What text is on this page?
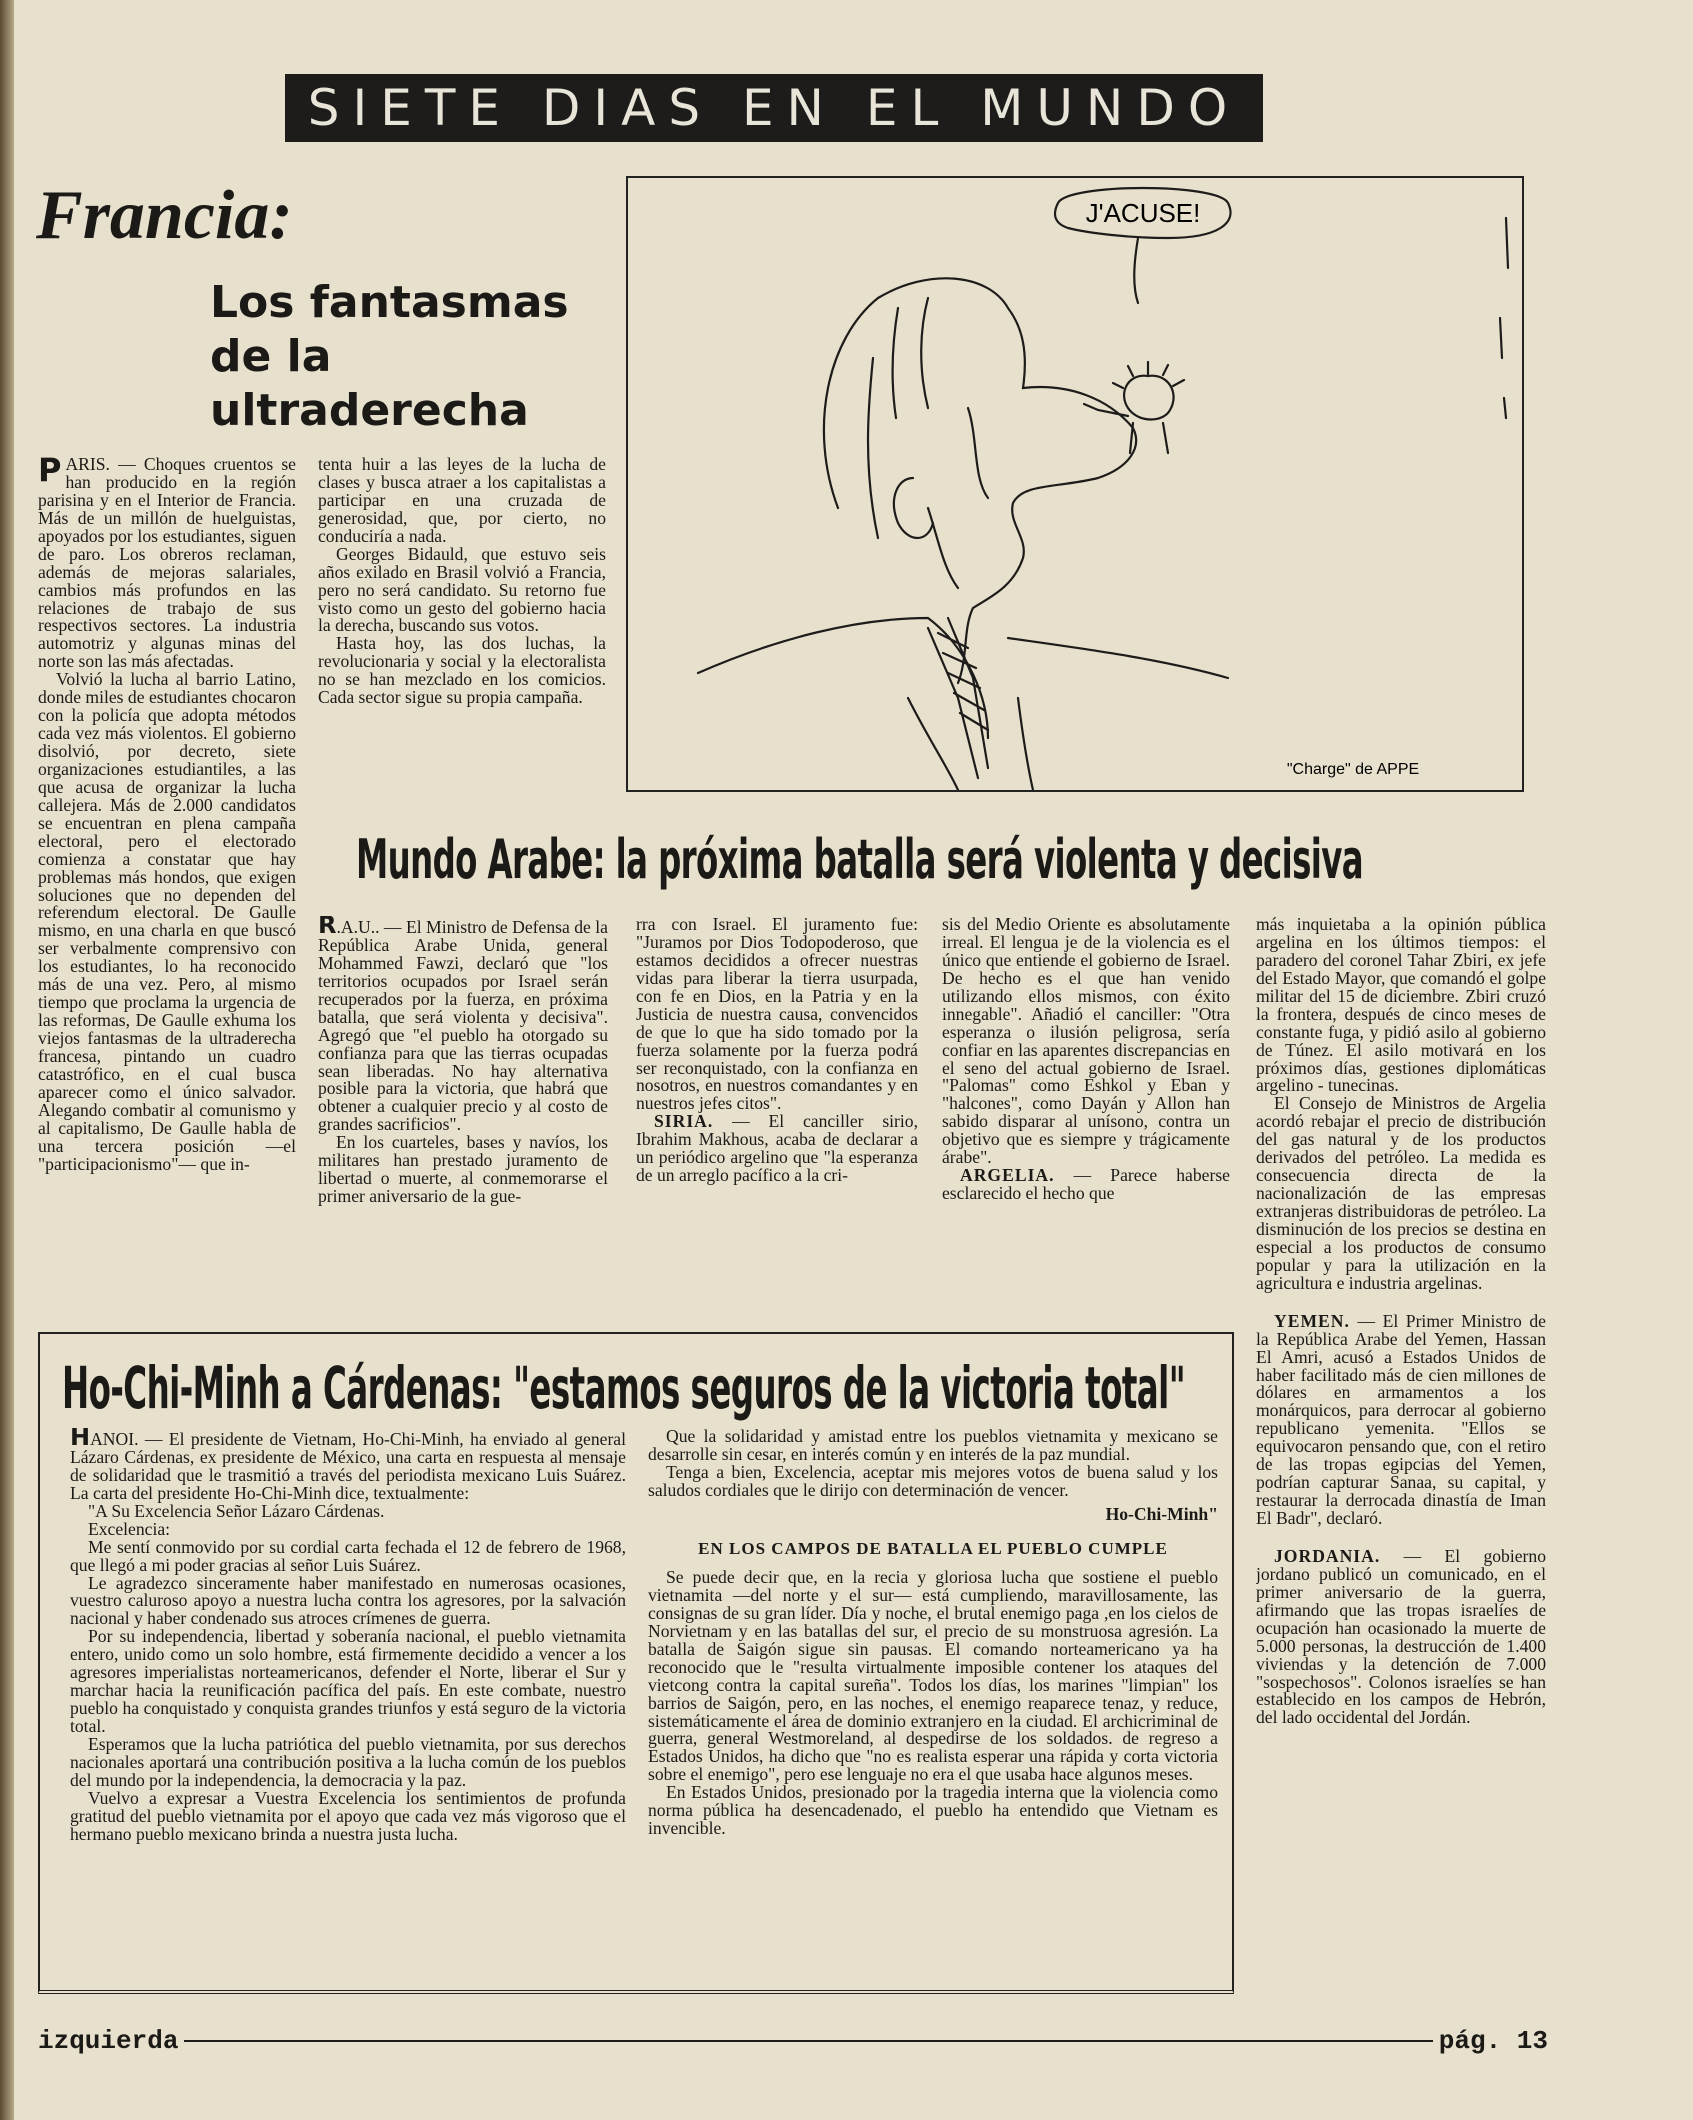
SIETE DIAS EN EL MUNDO
Francia:
Los fantasmas
de la
ultraderecha

PARIS. — Choques cruentos se han producido en la región parisina y en el Interior de Francia. Más de un millón de huelguistas, apoyados por los estudiantes, siguen de paro. Los obreros reclaman, además de mejoras salariales, cambios más profundos en las relaciones de trabajo de sus respectivos sectores. La industria automotriz y algunas minas del norte son las más afectadas.

Volvió la lucha al barrio Latino, donde miles de estudiantes chocaron con la policía que adopta métodos cada vez más violentos. El gobierno disolvió, por decreto, siete organizaciones estudiantiles, a las que acusa de organizar la lucha callejera. Más de 2.000 candidatos se encuentran en plena campaña electoral, pero el electorado comienza a constatar que hay problemas más hondos, que exigen soluciones que no dependen del referendum electoral. De Gaulle mismo, en una charla en que buscó ser verbalmente comprensivo con los estudiantes, lo ha reconocido más de una vez. Pero, al mismo tiempo que proclama la urgencia de las reformas, De Gaulle exhuma los viejos fantasmas de la ultraderecha francesa, pintando un cuadro catastrófico, en el cual busca aparecer como el único salvador. Alegando combatir al comunismo y al capitalismo, De Gaulle habla de una tercera posición —el "participacionismo"— que in-

tenta huir a las leyes de la lucha de clases y busca atraer a los capitalistas a participar en una cruzada de generosidad, que, por cierto, no conduciría a nada.

Georges Bidauld, que estuvo seis años exilado en Brasil volvió a Francia, pero no será candidato. Su retorno fue visto como un gesto del gobierno hacia la derecha, buscando sus votos.

Hasta hoy, las dos luchas, la revolucionaria y social y la electoralista no se han mezclado en los comicios. Cada sector sigue su propia campaña.

J'ACUSE!
"Charge" de APPE
Mundo Arabe: la próxima batalla será violenta y decisiva

R.A.U.. — El Ministro de Defensa de la República Arabe Unida, general Mohammed Fawzi, declaró que "los territorios ocupados por Israel serán recuperados por la fuerza, en próxima batalla, que será violenta y decisiva". Agregó que "el pueblo ha otorgado su confianza para que las tierras ocupadas sean liberadas. No hay alternativa posible para la victoria, que habrá que obtener a cualquier precio y al costo de grandes sacrificios".

En los cuarteles, bases y navíos, los militares han prestado juramento de libertad o muerte, al conmemorarse el primer aniversario de la gue-

rra con Israel. El juramento fue: "Juramos por Dios Todopoderoso, que estamos decididos a ofrecer nuestras vidas para liberar la tierra usurpada, con fe en Dios, en la Patria y en la Justicia de nuestra causa, convencidos de que lo que ha sido tomado por la fuerza solamente por la fuerza podrá ser reconquistado, con la confianza en nosotros, en nuestros comandantes y en nuestros jefes citos".

SIRIA. — El canciller sirio, Ibrahim Makhous, acaba de declarar a un periódico argelino que "la esperanza de un arreglo pacífico a la cri-

sis del Medio Oriente es absolutamente irreal. El lengua je de la violencia es el único que entiende el gobierno de Israel. De hecho es el que han venido utilizando ellos mismos, con éxito innegable". Añadió el canciller: "Otra esperanza o ilusión peligrosa, sería confiar en las aparentes discrepancias en el seno del actual gobierno de Israel. "Palomas" como Eshkol y Eban y "halcones", como Dayán y Allon han sabido disparar al unísono, contra un objetivo que es siempre y trágicamente árabe".

ARGELIA. — Parece haberse esclarecido el hecho que

más inquietaba a la opinión pública argelina en los últimos tiempos: el paradero del coronel Tahar Zbiri, ex jefe del Estado Mayor, que comandó el golpe militar del 15 de diciembre. Zbiri cruzó la frontera, después de cinco meses de constante fuga, y pidió asilo al gobierno de Túnez. El asilo motivará en los próximos días, gestiones diplomáticas argelino - tunecinas.

El Consejo de Ministros de Argelia acordó rebajar el precio de distribución del gas natural y de los productos derivados del petróleo. La medida es consecuencia directa de la nacionalización de las empresas extranjeras distribuidoras de petróleo. La disminución de los precios se destina en especial a los productos de consumo popular y para la utilización en la agricultura e industria argelinas.

YEMEN. — El Primer Ministro de la República Arabe del Yemen, Hassan El Amri, acusó a Estados Unidos de haber facilitado más de cien millones de dólares en armamentos a los monárquicos, para derrocar al gobierno republicano yemenita. "Ellos se equivocaron pensando que, con el retiro de las tropas egipcias del Yemen, podrían capturar Sanaa, su capital, y restaurar la derrocada dinastía de Iman El Badr", declaró.

JORDANIA. — El gobierno jordano publicó un comunicado, en el primer aniversario de la guerra, afirmando que las tropas israelíes de ocupación han ocasionado la muerte de 5.000 personas, la destrucción de 1.400 viviendas y la detención de 7.000 "sospechosos". Colonos israelíes se han establecido en los campos de Hebrón, del lado occidental del Jordán.

Ho-Chi-Minh a Cárdenas: "estamos seguros de la victoria total"

HANOI. — El presidente de Vietnam, Ho-Chi-Minh, ha enviado al general Lázaro Cárdenas, ex presidente de México, una carta en respuesta al mensaje de solidaridad que le trasmitió a través del periodista mexicano Luis Suárez. La carta del presidente Ho-Chi-Minh dice, textualmente:

"A Su Excelencia Señor Lázaro Cárdenas.

Excelencia:

Me sentí conmovido por su cordial carta fechada el 12 de febrero de 1968, que llegó a mi poder gracias al señor Luis Suárez.

Le agradezco sinceramente haber manifestado en numerosas ocasiones, vuestro caluroso apoyo a nuestra lucha contra los agresores, por la salvación nacional y haber condenado sus atroces crímenes de guerra.

Por su independencia, libertad y soberanía nacional, el pueblo vietnamita entero, unido como un solo hombre, está firmemente decidido a vencer a los agresores imperialistas norteamericanos, defender el Norte, liberar el Sur y marchar hacia la reunificación pacífica del país. En este combate, nuestro pueblo ha conquistado y conquista grandes triunfos y está seguro de la victoria total.

Esperamos que la lucha patriótica del pueblo vietnamita, por sus derechos nacionales aportará una contribución positiva a la lucha común de los pueblos del mundo por la independencia, la democracia y la paz.

Vuelvo a expresar a Vuestra Excelencia los sentimientos de profunda gratitud del pueblo vietnamita por el apoyo que cada vez más vigoroso que el hermano pueblo mexicano brinda a nuestra justa lucha.

Que la solidaridad y amistad entre los pueblos vietnamita y mexicano se desarrolle sin cesar, en interés común y en interés de la paz mundial.

Tenga a bien, Excelencia, aceptar mis mejores votos de buena salud y los saludos cordiales que le dirijo con determinación de vencer.

Ho-Chi-Minh"

EN LOS CAMPOS DE BATALLA EL PUEBLO CUMPLE

Se puede decir que, en la recia y gloriosa lucha que sostiene el pueblo vietnamita —del norte y el sur— está cumpliendo, maravillosamente, las consignas de su gran líder. Día y noche, el brutal enemigo paga ,en los cielos de Norvietnam y en las batallas del sur, el precio de su monstruosa agresión. La batalla de Saigón sigue sin pausas. El comando norteamericano ya ha reconocido que le "resulta virtualmente imposible contener los ataques del vietcong contra la capital sureña". Todos los días, los marines "limpian" los barrios de Saigón, pero, en las noches, el enemigo reaparece tenaz, y reduce, sistemáticamente el área de dominio extranjero en la ciudad. El archicriminal de guerra, general Westmoreland, al despedirse de los soldados. de regreso a Estados Unidos, ha dicho que "no es realista esperar una rápida y corta victoria sobre el enemigo", pero ese lenguaje no era el que usaba hace algunos meses.

En Estados Unidos, presionado por la tragedia interna que la violencia como norma pública ha desencadenado, el pueblo ha entendido que Vietnam es invencible.

izquierda	pág. 13
